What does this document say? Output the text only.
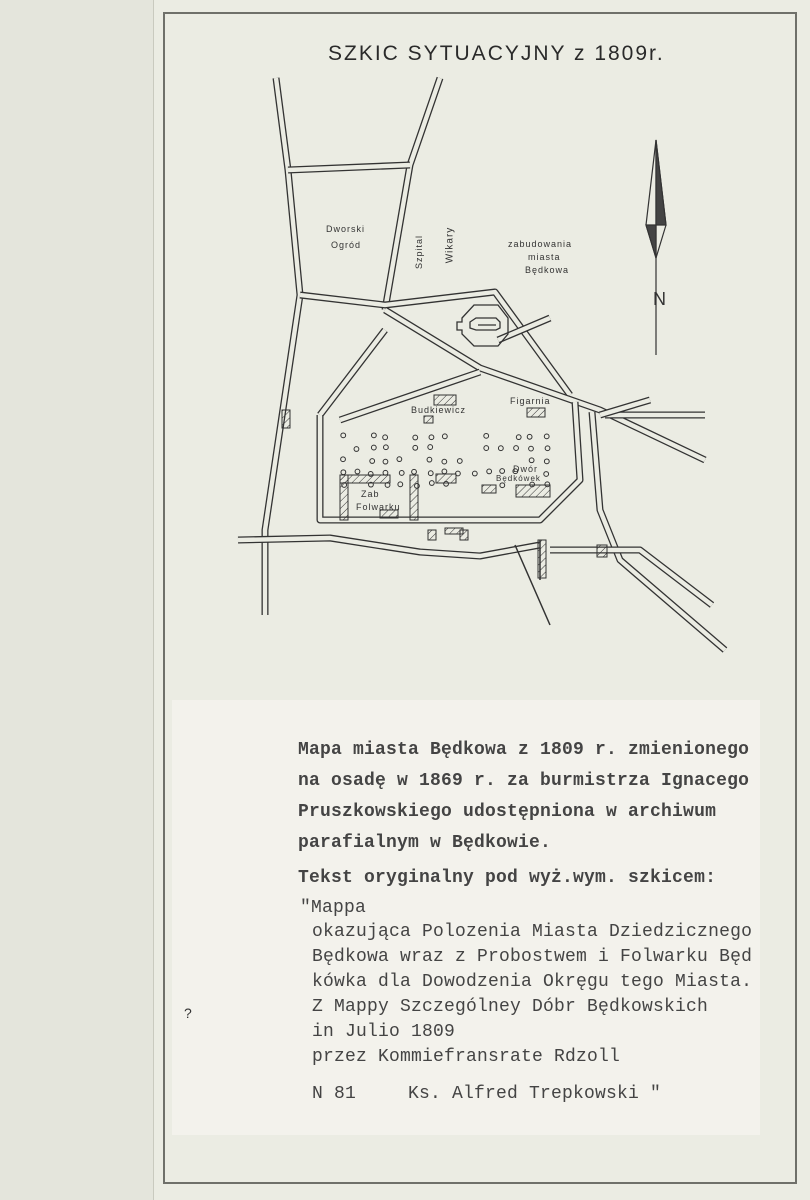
SZKIC SYTUACYJNY z 1809r.
N
Dworski
Ogród	Szpital Wikary	zabudowania
miasta
Będkowa
Figarnia
Budkiewicz
Dwór
Będkówek
Zab
Folwarku
Mapa miasta Będkowa z 1809 r. zmienionego
na osadę w 1869 r. za burmistrza Ignacego
Pruszkowskiego udostępniona w archiwum
parafialnym w Będkowie.
Tekst oryginalny pod wyż.wym. szkicem:
"Mappa
okazująca Polozenia Miasta Dziedzicznego
Będkowa wraz z Probostwem i Folwarku Będ
kówka dla Dowodzenia Okręgu tego Miasta.
Z Mappy Szczególney Dóbr Będkowskich
in Julio 1809
przez Kommiefransrate Rdzoll
N 81	Ks. Alfred Trepkowski "
?
